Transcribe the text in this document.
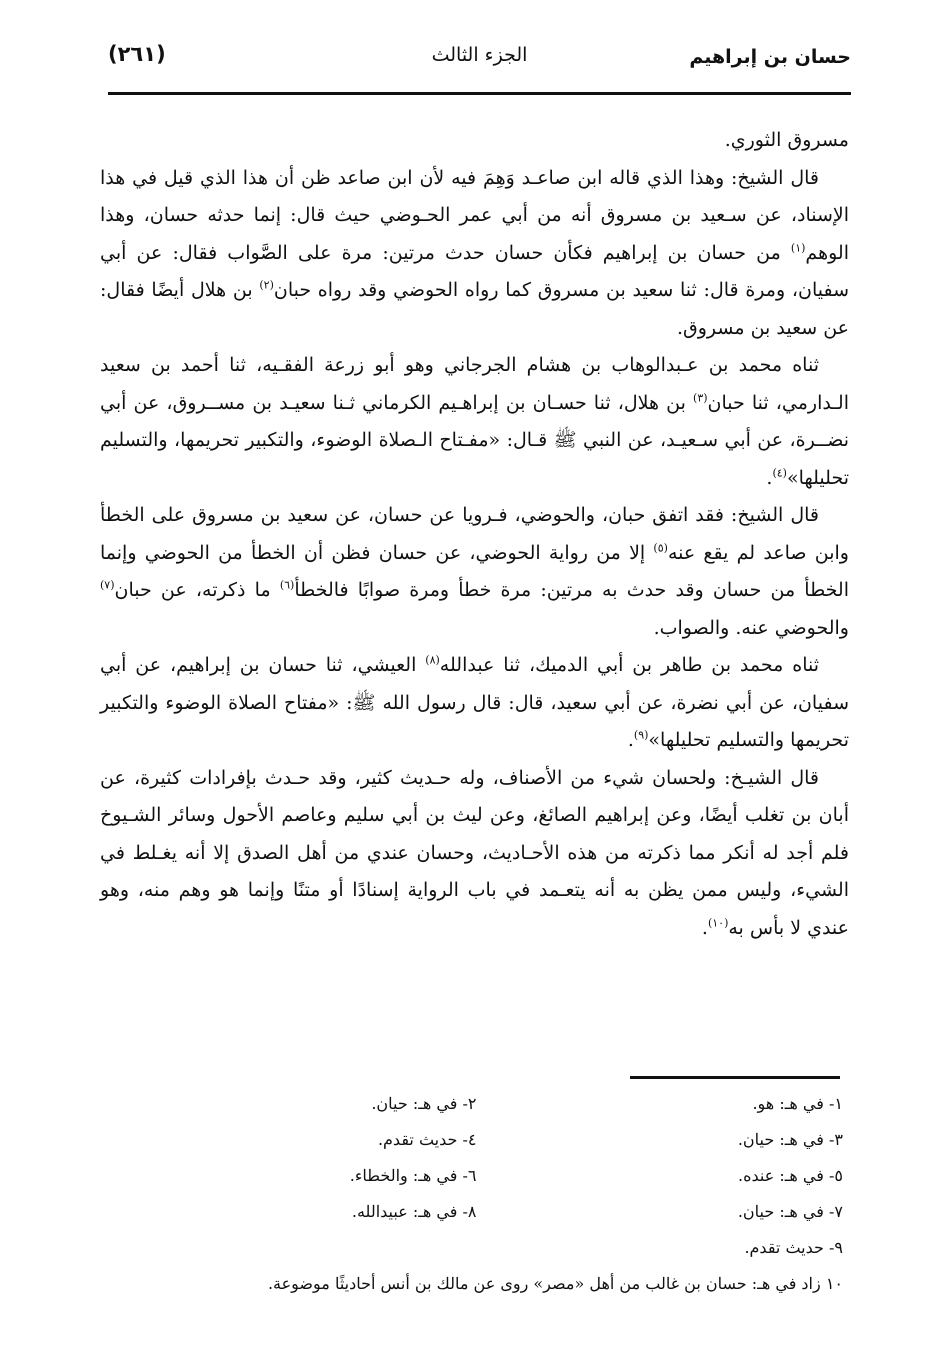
حسان بن إبراهيم
الجزء الثالث
(٢٦١)

مسروق الثوري.

قال الشيخ: وهذا الذي قاله ابن صاعـد وَهِمَ فيه لأن ابن صاعد ظن أن هذا الذي قيل في هذا الإسناد، عن سـعيد بن مسروق أنه من أبي عمر الحـوضي حيث قال: إنما حدثه حسان، وهذا الوهم$^{(١)}$ من حسان بن إبراهيم فكأن حسان حدث مرتين: مرة على الصَّواب فقال: عن أبي سفيان، ومرة قال: ثنا سعيد بن مسروق كما رواه الحوضي وقد رواه حبان$^{(٢)}$ بن هلال أيضًا فقال: عن سعيد بن مسروق.

ثناه محمد بن عـبدالوهاب بن هشام الجرجاني وهو أبو زرعة الفقـيه، ثنا أحمد بن سعيد الـدارمي، ثنا حبان$^{(٣)}$ بن هلال، ثنا حسـان بن إبراهـيم الكرماني ثـنا سعيـد بن مســروق، عن أبي نضــرة، عن أبي سـعيـد، عن النبي ﷺ قـال: «مفـتاح الـصلاة الوضوء، والتكبير تحريمها، والتسليم تحليلها»$^{(٤)}$.

قال الشيخ: فقد اتفق حبان، والحوضي، فـرويا عن حسان، عن سعيد بن مسروق على الخطأ وابن صاعد لم يقع عنه$^{(٥)}$ إلا من رواية الحوضي، عن حسان فظن أن الخطأ من الحوضي وإنما الخطأ من حسان وقد حدث به مرتين: مرة خطأ ومرة صوابًا فالخطأ$^{(٦)}$ ما ذكرته، عن حبان$^{(٧)}$ والحوضي عنه. والصواب.

ثناه محمد بن طاهر بن أبي الدميك، ثنا عبدالله$^{(٨)}$ العيشي، ثنا حسان بن إبراهيم، عن أبي سفيان، عن أبي نضرة، عن أبي سعيد، قال: قال رسول الله ﷺ: «مفتاح الصلاة الوضوء والتكبير تحريمها والتسليم تحليلها»$^{(٩)}$.

قال الشيـخ: ولحسان شيء من الأصناف، وله حـديث كثير، وقد حـدث بإفرادات كثيرة، عن أبان بن تغلب أيضًا، وعن إبراهيم الصائغ، وعن ليث بن أبي سليم وعاصم الأحول وسائر الشـيوخ فلم أجد له أنكر مما ذكرته من هذه الأحـاديث، وحسان عندي من أهل الصدق إلا أنه يغـلط في الشيء، وليس ممن يظن به أنه يتعـمد في باب الرواية إسنادًا أو متنًا وإنما هو وهم منه، وهو عندي لا بأس به$^{(١٠)}$.

١- في هـ: هو.
٢- في هـ: حيان.
٣- في هـ: حيان.
٤- حديث تقدم.
٥- في هـ: عنده.
٦- في هـ: والخطاء.
٧- في هـ: حيان.
٨- في هـ: عبيدالله.
٩- حديث تقدم.
١٠ زاد في هـ: حسان بن غالب من أهل «مصر» روى عن مالك بن أنس أحاديثًا موضوعة.
